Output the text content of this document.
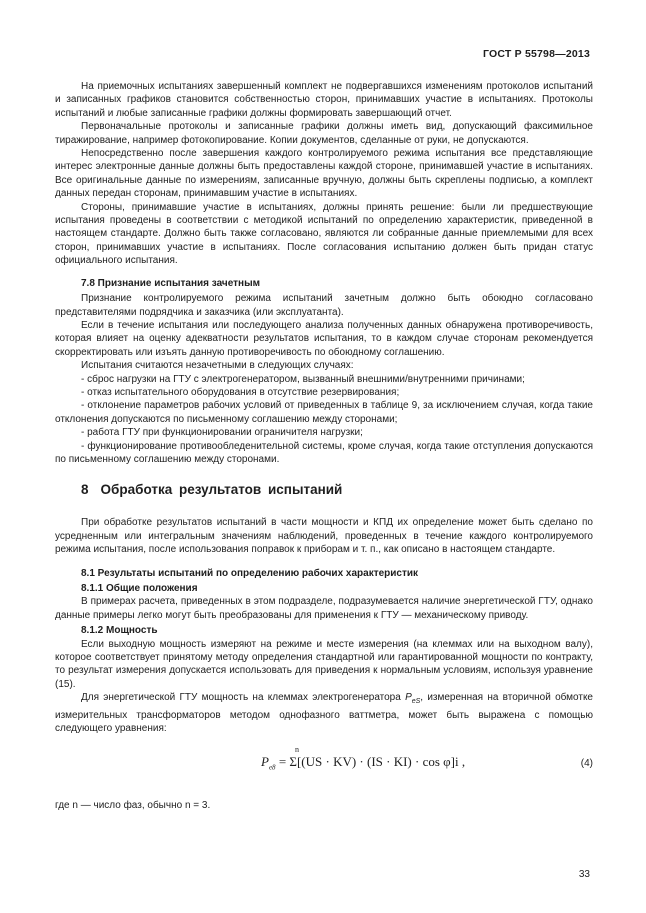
ГОСТ Р 55798—2013

На приемочных испытаниях завершенный комплект не подвергавшихся изменениям протоколов испытаний и записанных графиков становится собственностью сторон, принимавших участие в испытаниях. Протоколы испытаний и любые записанные графики должны формировать завершающий отчет.

Первоначальные протоколы и записанные графики должны иметь вид, допускающий факсимильное тиражирование, например фотокопирование. Копии документов, сделанные от руки, не допускаются.

Непосредственно после завершения каждого контролируемого режима испытания все представляющие интерес электронные данные должны быть предоставлены каждой стороне, принимавшей участие в испытаниях. Все оригинальные данные по измерениям, записанные вручную, должны быть скреплены подписью, а комплект данных передан сторонам, принимавшим участие в испытаниях.

Стороны, принимавшие участие в испытаниях, должны принять решение: были ли предшествующие испытания проведены в соответствии с методикой испытаний по определению характеристик, приведенной в настоящем стандарте. Должно быть также согласовано, являются ли собранные данные приемлемыми для всех сторон, принимавших участие в испытаниях. После согласования испытанию должен быть придан статус официального испытания.

7.8 Признание испытания зачетным

Признание контролируемого режима испытаний зачетным должно быть обоюдно согласовано представителями подрядчика и заказчика (или эксплуатанта).

Если в течение испытания или последующего анализа полученных данных обнаружена противоречивость, которая влияет на оценку адекватности результатов испытания, то в каждом случае сторонам рекомендуется скорректировать или изъять данную противоречивость по обоюдному соглашению.

Испытания считаются незачетными в следующих случаях:

- сброс нагрузки на ГТУ с электрогенератором, вызванный внешними/внутренними причинами;

- отказ испытательного оборудования в отсутствие резервирования;

- отклонение параметров рабочих условий от приведенных в таблице 9, за исключением случая, когда такие отклонения допускаются по письменному соглашению между сторонами;

- работа ГТУ при функционировании ограничителя нагрузки;

- функционирование противообледенительной системы, кроме случая, когда такие отступления допускаются по письменному соглашению между сторонами.

8 Обработка результатов испытаний

При обработке результатов испытаний в части мощности и КПД их определение может быть сделано по усредненным или интегральным значениям наблюдений, проведенных в течение каждого контролируемого режима испытания, после использования поправок к приборам и т. п., как описано в настоящем стандарте.

8.1 Результаты испытаний по определению рабочих характеристик
8.1.1 Общие положения

В примерах расчета, приведенных в этом подразделе, подразумевается наличие энергетической ГТУ, однако данные примеры легко могут быть преобразованы для применения к ГТУ — механическому приводу.

8.1.2 Мощность

Если выходную мощность измеряют на режиме и месте измерения (на клеммах или на выходном валу), которое соответствует принятому методу определения стандартной или гарантированной мощности по контракту, то результат измерения допускается использовать для приведения к нормальным условиям, используя уравнение (15).

Для энергетической ГТУ мощность на клеммах электрогенератора $P_{eS}$, измеренная на вторичной обмотке измерительных трансформаторов методом однофазного ваттметра, может быть выражена с помощью следующего уравнения:

n
$P_{e8} = \Sigma[(US \cdot KV) \cdot (IS \cdot KI) \cdot \cos \varphi]i$ ,	(4)

где n — число фаз, обычно n = 3.

33
